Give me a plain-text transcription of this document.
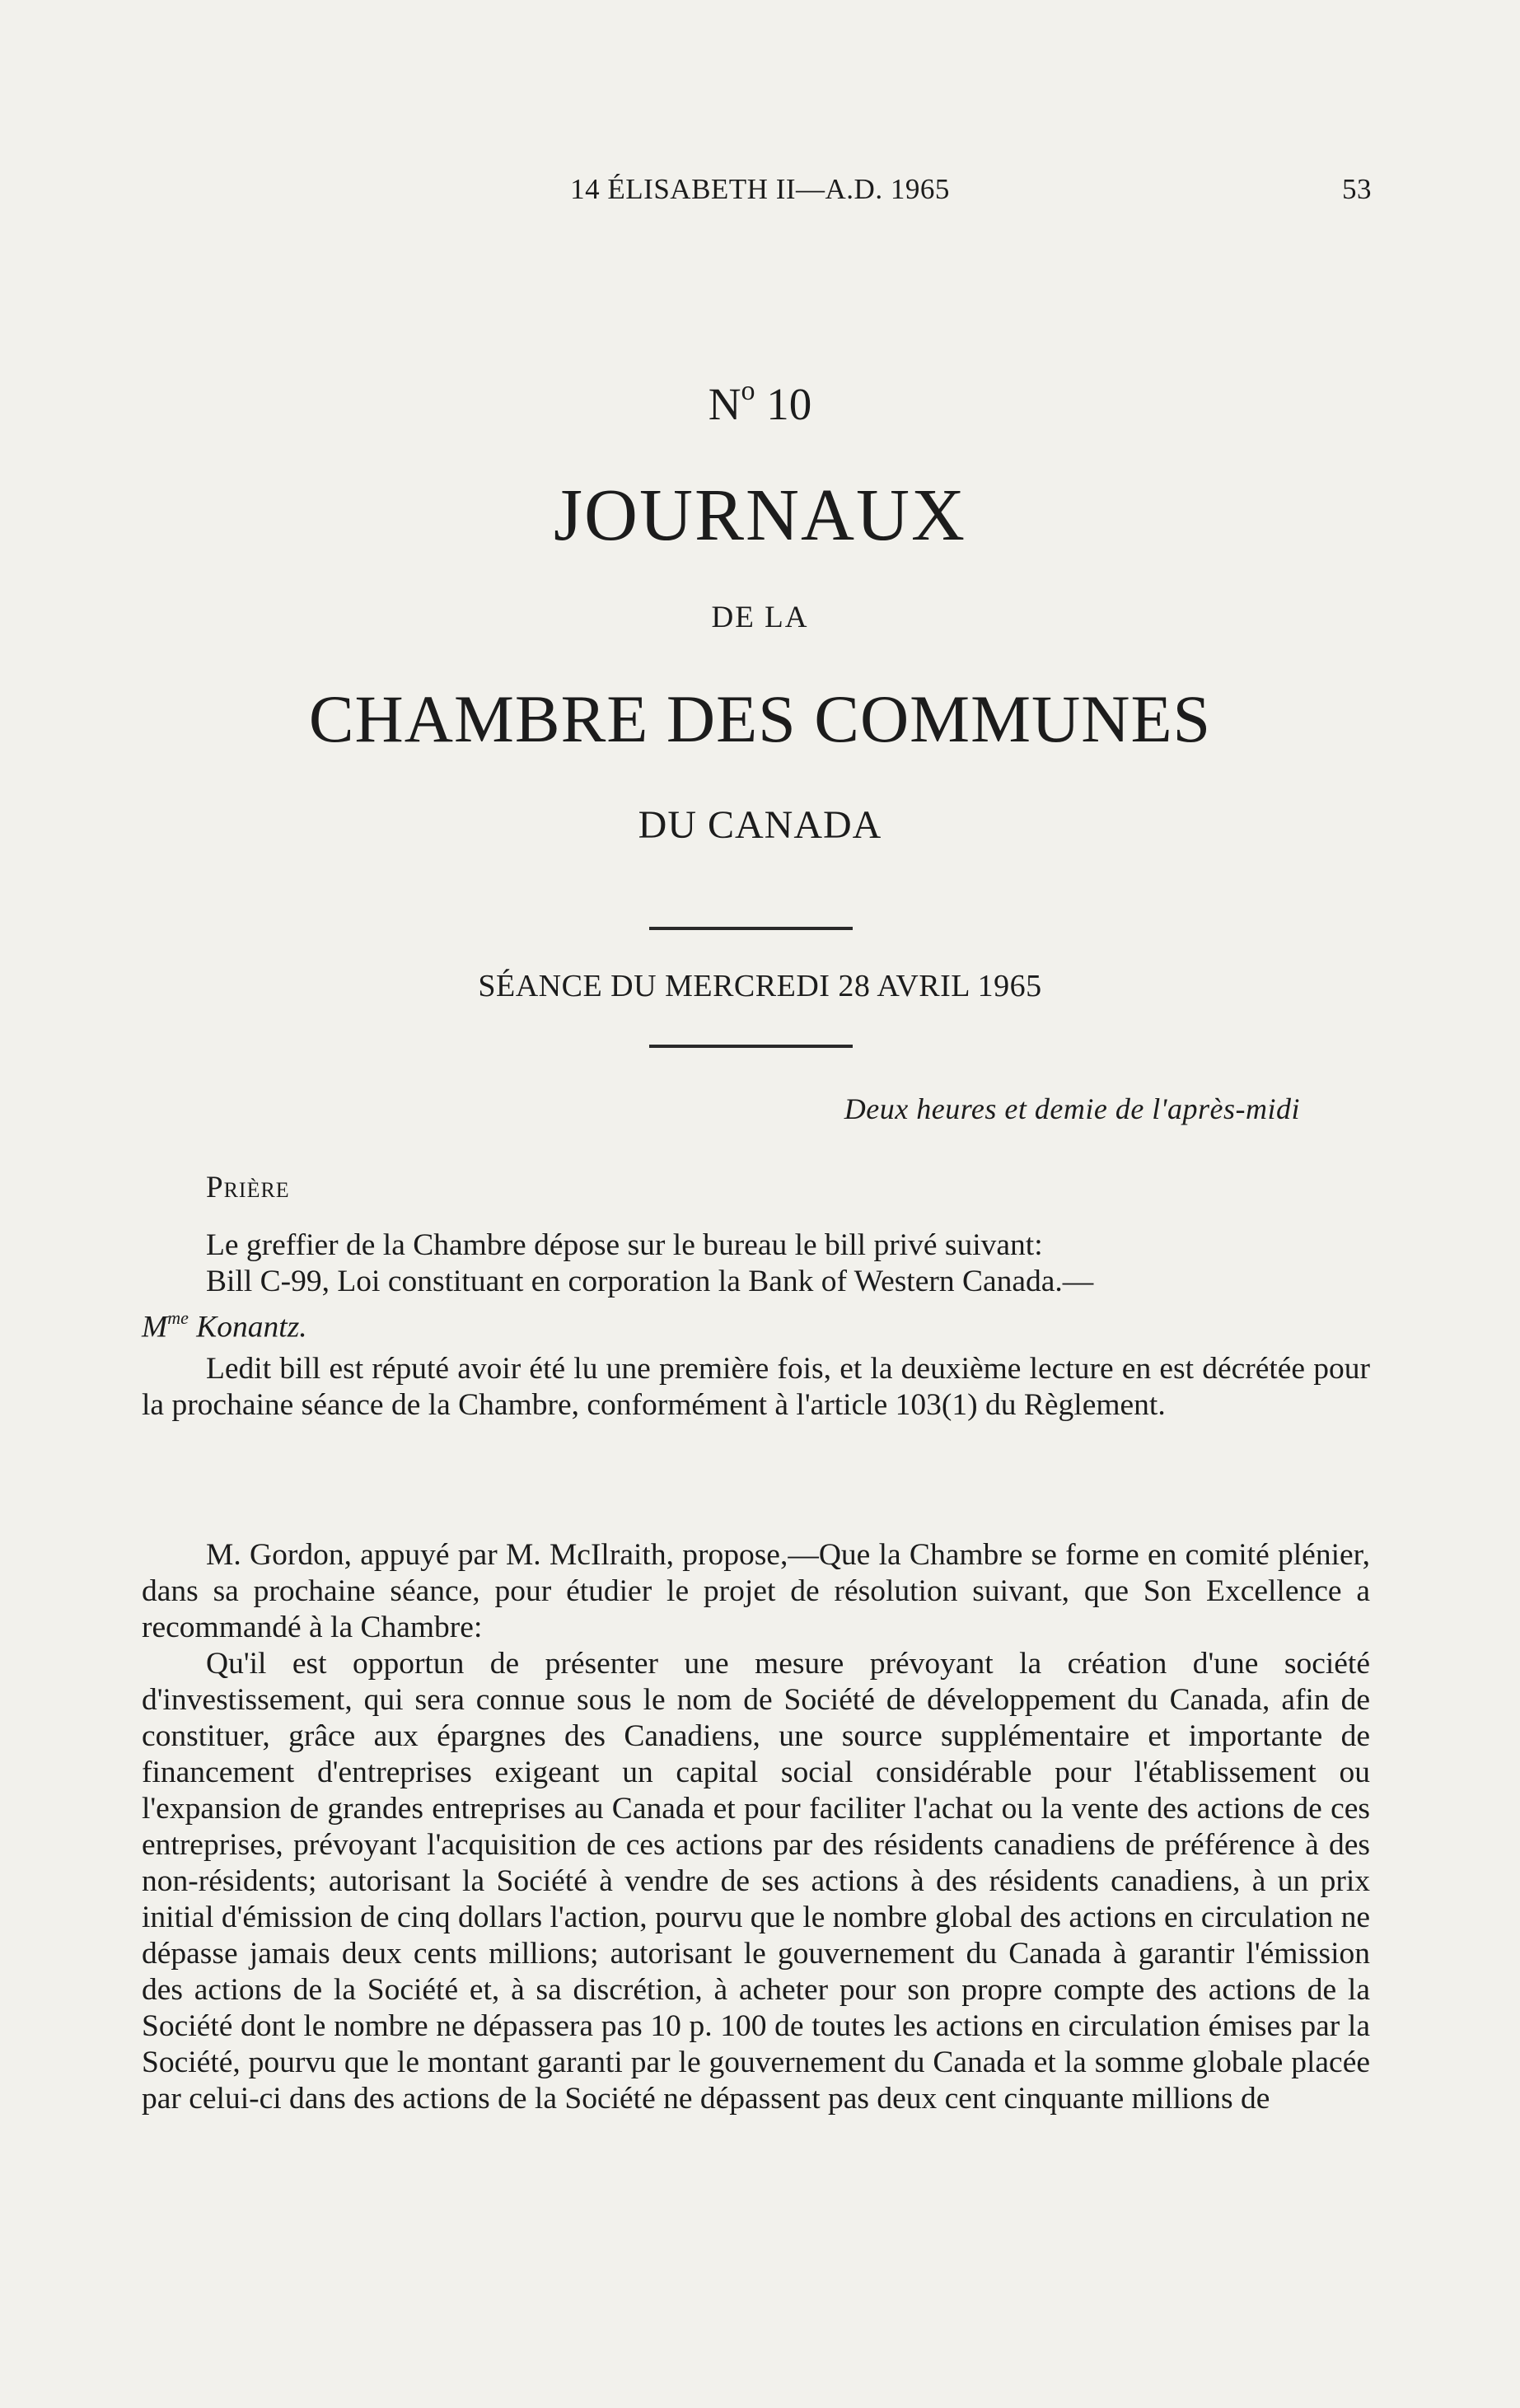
14 ÉLISABETH II—A.D. 1965	53
$N^o$ 10
JOURNAUX
DE LA
CHAMBRE DES COMMUNES
DU CANADA
SÉANCE DU MERCREDI 28 AVRIL 1965
Deux heures et demie de l'après-midi
Prière

Le greffier de la Chambre dépose sur le bureau le bill privé suivant:

Bill C-99, Loi constituant en corporation la Bank of Western Canada.—

$M^{me}$ Konantz.

Ledit bill est réputé avoir été lu une première fois, et la deuxième lecture en est décrétée pour la prochaine séance de la Chambre, conformément à l'article 103(1) du Règlement.

M. Gordon, appuyé par M. McIlraith, propose,—Que la Chambre se forme en comité plénier, dans sa prochaine séance, pour étudier le projet de résolution suivant, que Son Excellence a recommandé à la Chambre:

Qu'il est opportun de présenter une mesure prévoyant la création d'une société d'investissement, qui sera connue sous le nom de Société de développement du Canada, afin de constituer, grâce aux épargnes des Canadiens, une source supplémentaire et importante de financement d'entreprises exigeant un capital social considérable pour l'établissement ou l'expansion de grandes entreprises au Canada et pour faciliter l'achat ou la vente des actions de ces entreprises, prévoyant l'acquisition de ces actions par des résidents canadiens de préférence à des non-résidents; autorisant la Société à vendre de ses actions à des résidents canadiens, à un prix initial d'émission de cinq dollars l'action, pourvu que le nombre global des actions en circulation ne dépasse jamais deux cents millions; autorisant le gouvernement du Canada à garantir l'émission des actions de la Société et, à sa discrétion, à acheter pour son propre compte des actions de la Société dont le nombre ne dépassera pas 10 p. 100 de toutes les actions en circulation émises par la Société, pourvu que le montant garanti par le gouvernement du Canada et la somme globale placée par celui-ci dans des actions de la Société ne dépassent pas deux cent cinquante millions de
